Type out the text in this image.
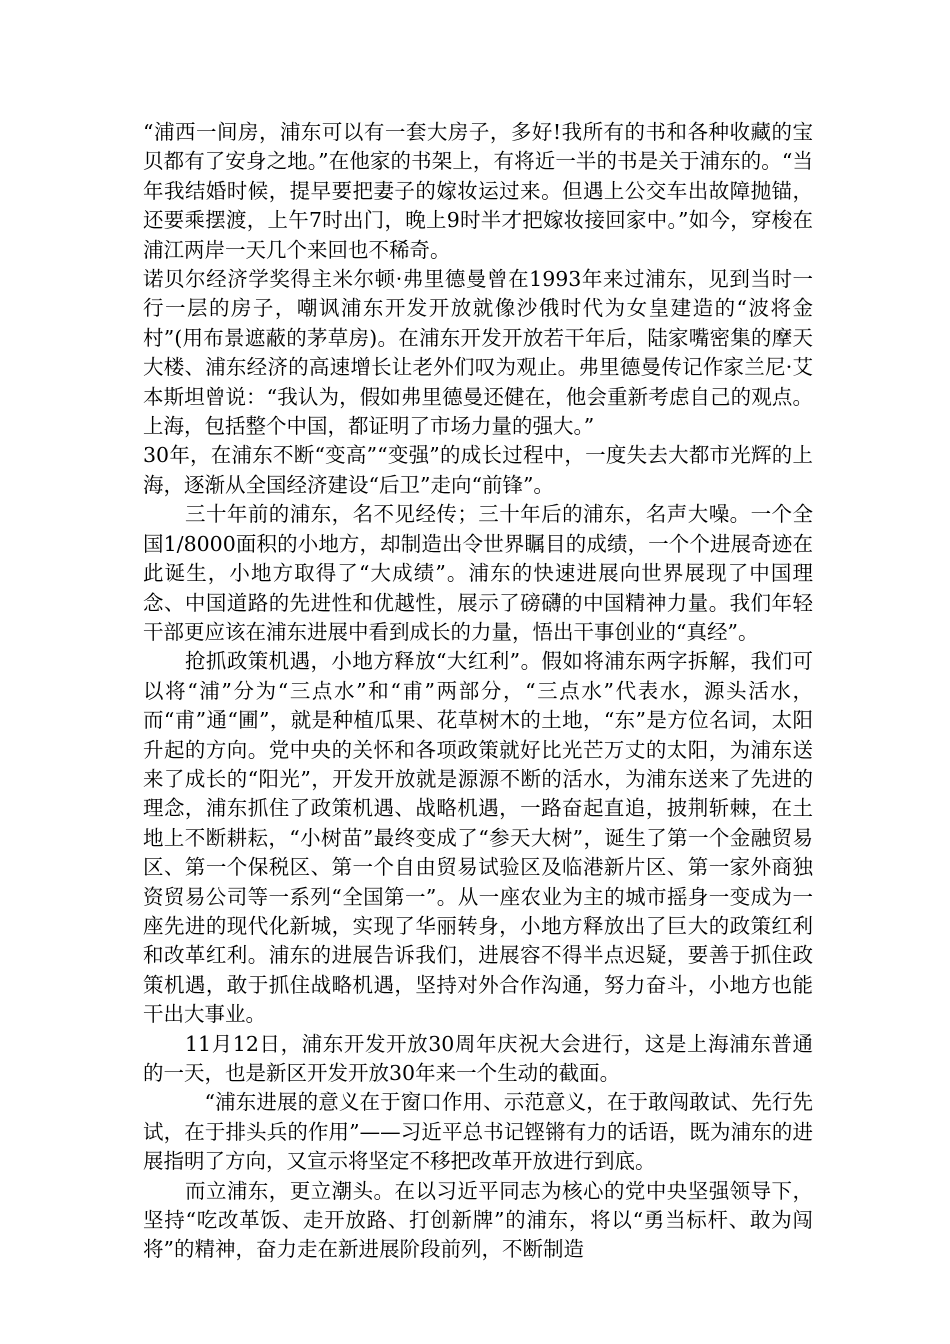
“浦西一间房，浦东可以有一套大房子，多好!我所有的书和各种收藏的宝贝都有了安身之地。”在他家的书架上，有将近一半的书是关于浦东的。“当年我结婚时候，提早要把妻子的嫁妆运过来。但遇上公交车出故障抛锚，还要乘摆渡，上午7时出门，晚上9时半才把嫁妆接回家中。”如今，穿梭在浦江两岸一天几个来回也不稀奇。

诺贝尔经济学奖得主米尔顿·弗里德曼曾在1993年来过浦东，见到当时一行一层的房子，嘲讽浦东开发开放就像沙俄时代为女皇建造的“波将金村”(用布景遮蔽的茅草房)。在浦东开发开放若干年后，陆家嘴密集的摩天大楼、浦东经济的高速增长让老外们叹为观止。弗里德曼传记作家兰尼·艾本斯坦曾说：“我认为，假如弗里德曼还健在，他会重新考虑自己的观点。上海，包括整个中国，都证明了市场力量的强大。”

30年，在浦东不断“变高”“变强”的成长过程中，一度失去大都市光辉的上海，逐渐从全国经济建设“后卫”走向“前锋”。

三十年前的浦东，名不见经传；三十年后的浦东，名声大噪。一个全国1/8000面积的小地方，却制造出令世界瞩目的成绩，一个个进展奇迹在此诞生，小地方取得了“大成绩”。浦东的快速进展向世界展现了中国理念、中国道路的先进性和优越性，展示了磅礴的中国精神力量。我们年轻干部更应该在浦东进展中看到成长的力量，悟出干事创业的“真经”。

抢抓政策机遇，小地方释放“大红利”。假如将浦东两字拆解，我们可以将“浦”分为“三点水”和“甫”两部分，“三点水”代表水，源头活水，而“甫”通“圃”，就是种植瓜果、花草树木的土地，“东”是方位名词，太阳升起的方向。党中央的关怀和各项政策就好比光芒万丈的太阳，为浦东送来了成长的“阳光”，开发开放就是源源不断的活水，为浦东送来了先进的理念，浦东抓住了政策机遇、战略机遇，一路奋起直追，披荆斩棘，在土地上不断耕耘，“小树苗”最终变成了“参天大树”，诞生了第一个金融贸易区、第一个保税区、第一个自由贸易试验区及临港新片区、第一家外商独资贸易公司等一系列“全国第一”。从一座农业为主的城市摇身一变成为一座先进的现代化新城，实现了华丽转身，小地方释放出了巨大的政策红利和改革红利。浦东的进展告诉我们，进展容不得半点迟疑，要善于抓住政策机遇，敢于抓住战略机遇，坚持对外合作沟通，努力奋斗，小地方也能干出大事业。

11月12日，浦东开发开放30周年庆祝大会进行，这是上海浦东普通的一天，也是新区开发开放30年来一个生动的截面。

“浦东进展的意义在于窗口作用、示范意义，在于敢闯敢试、先行先试，在于排头兵的作用”——习近平总书记铿锵有力的话语，既为浦东的进展指明了方向，又宣示将坚定不移把改革开放进行到底。

而立浦东，更立潮头。在以习近平同志为核心的党中央坚强领导下，坚持“吃改革饭、走开放路、打创新牌”的浦东，将以“勇当标杆、敢为闯将”的精神，奋力走在新进展阶段前列，不断制造
